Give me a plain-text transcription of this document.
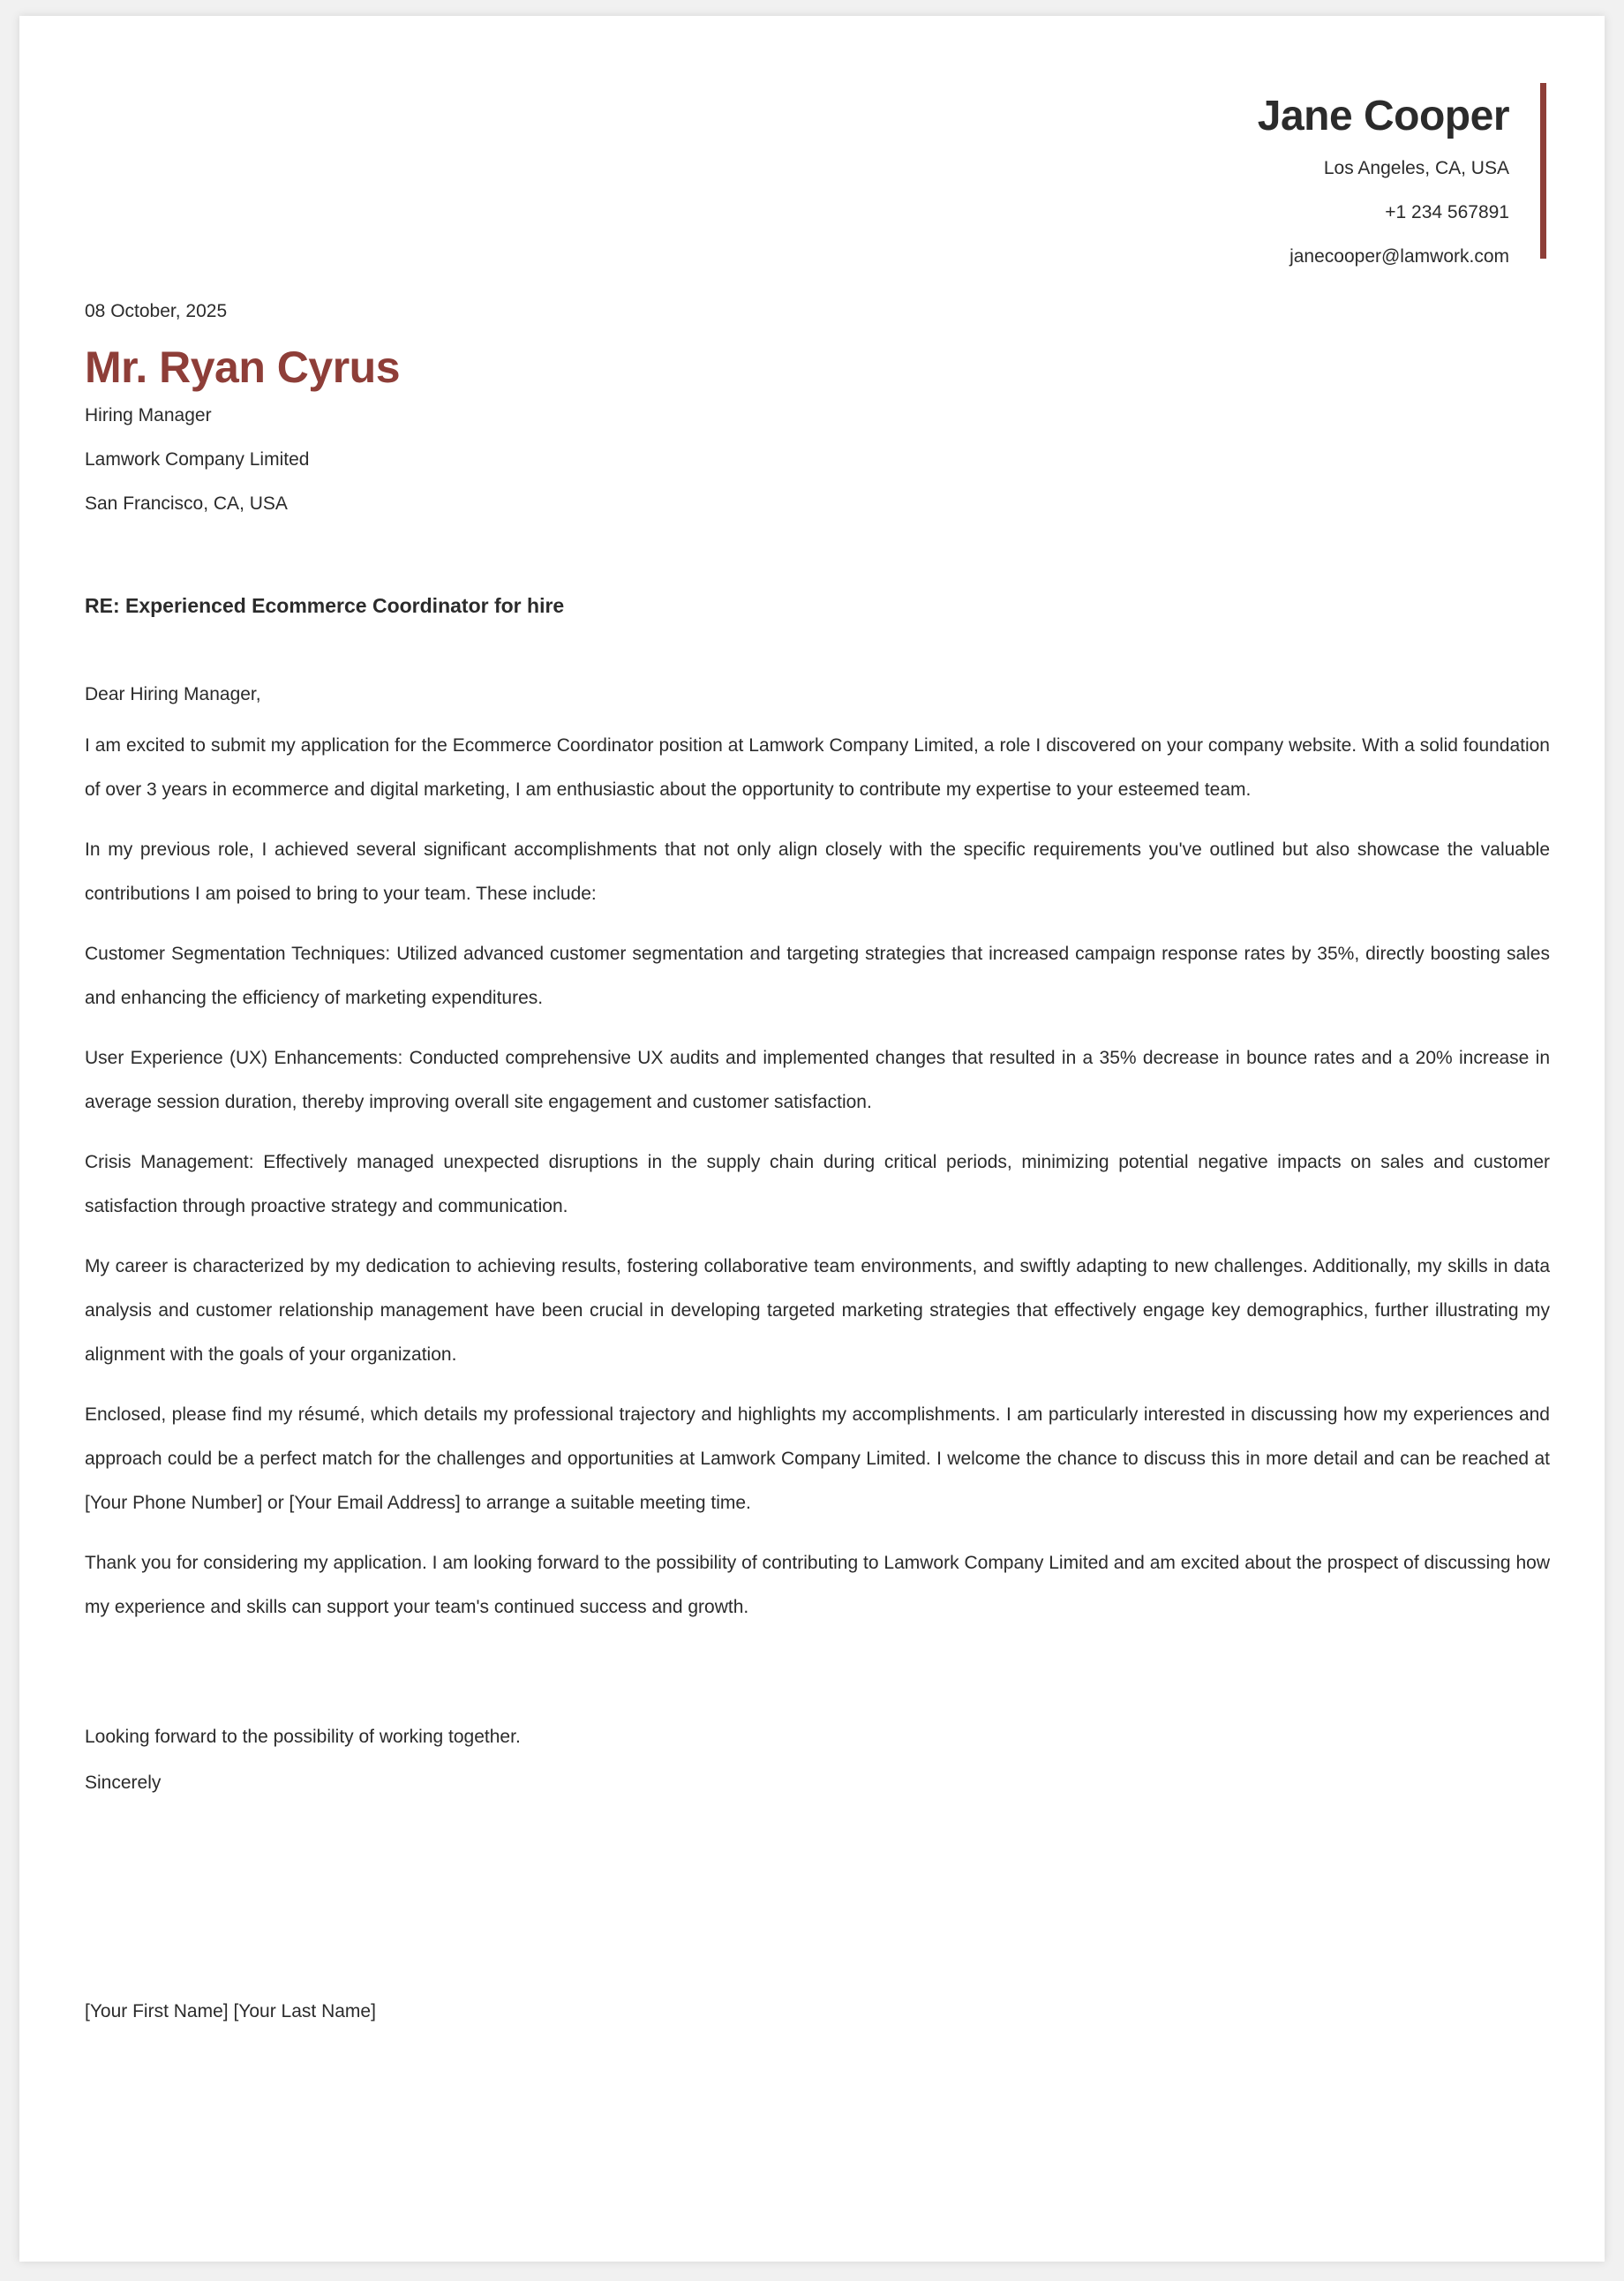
Jane Cooper
Los Angeles, CA, USA
+1 234 567891
janecooper@lamwork.com
08 October, 2025
Mr. Ryan Cyrus
Hiring Manager
Lamwork Company Limited
San Francisco, CA, USA
RE: Experienced Ecommerce Coordinator for hire
Dear Hiring Manager,
I am excited to submit my application for the Ecommerce Coordinator position at Lamwork Company Limited, a role I discovered on your company website. With a solid foundation of over 3 years in ecommerce and digital marketing, I am enthusiastic about the opportunity to contribute my expertise to your esteemed team.
In my previous role, I achieved several significant accomplishments that not only align closely with the specific requirements you've outlined but also showcase the valuable contributions I am poised to bring to your team. These include:
Customer Segmentation Techniques: Utilized advanced customer segmentation and targeting strategies that increased campaign response rates by 35%, directly boosting sales and enhancing the efficiency of marketing expenditures.
User Experience (UX) Enhancements: Conducted comprehensive UX audits and implemented changes that resulted in a 35% decrease in bounce rates and a 20% increase in average session duration, thereby improving overall site engagement and customer satisfaction.
Crisis Management: Effectively managed unexpected disruptions in the supply chain during critical periods, minimizing potential negative impacts on sales and customer satisfaction through proactive strategy and communication.
My career is characterized by my dedication to achieving results, fostering collaborative team environments, and swiftly adapting to new challenges. Additionally, my skills in data analysis and customer relationship management have been crucial in developing targeted marketing strategies that effectively engage key demographics, further illustrating my alignment with the goals of your organization.
Enclosed, please find my résumé, which details my professional trajectory and highlights my accomplishments. I am particularly interested in discussing how my experiences and approach could be a perfect match for the challenges and opportunities at Lamwork Company Limited. I welcome the chance to discuss this in more detail and can be reached at [Your Phone Number] or [Your Email Address] to arrange a suitable meeting time.
Thank you for considering my application. I am looking forward to the possibility of contributing to Lamwork Company Limited and am excited about the prospect of discussing how my experience and skills can support your team's continued success and growth.
Looking forward to the possibility of working together.
Sincerely
[Your First Name] [Your Last Name]
